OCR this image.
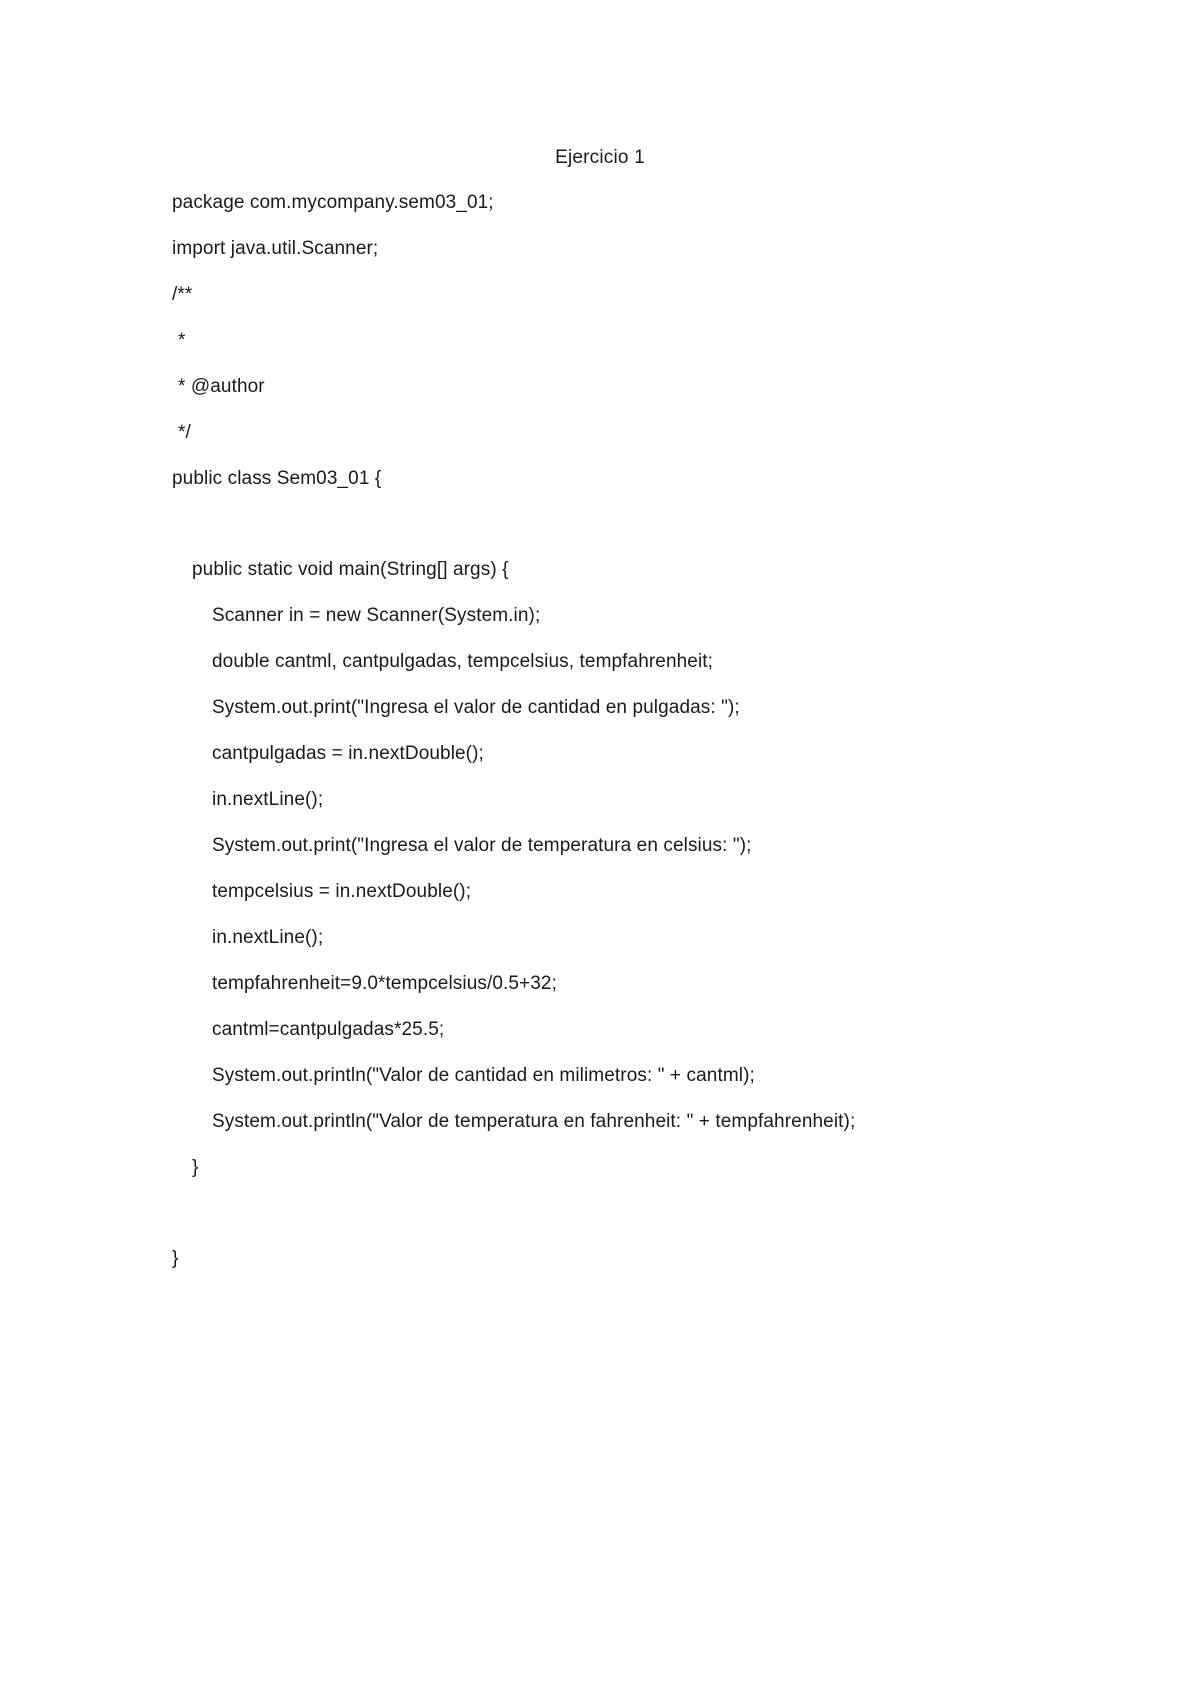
Ejercicio 1
package com.mycompany.sem03_01;
import java.util.Scanner;
/**
*
* @author
*/
public class Sem03_01 {
public static void main(String[] args) {
Scanner in = new Scanner(System.in);
double cantml, cantpulgadas, tempcelsius, tempfahrenheit;
System.out.print("Ingresa el valor de cantidad en pulgadas: ");
cantpulgadas = in.nextDouble();
in.nextLine();
System.out.print("Ingresa el valor de temperatura en celsius: ");
tempcelsius = in.nextDouble();
in.nextLine();
tempfahrenheit=9.0*tempcelsius/0.5+32;
cantml=cantpulgadas*25.5;
System.out.println("Valor de cantidad en milimetros: " + cantml);
System.out.println("Valor de temperatura en fahrenheit: " + tempfahrenheit);
}
}
